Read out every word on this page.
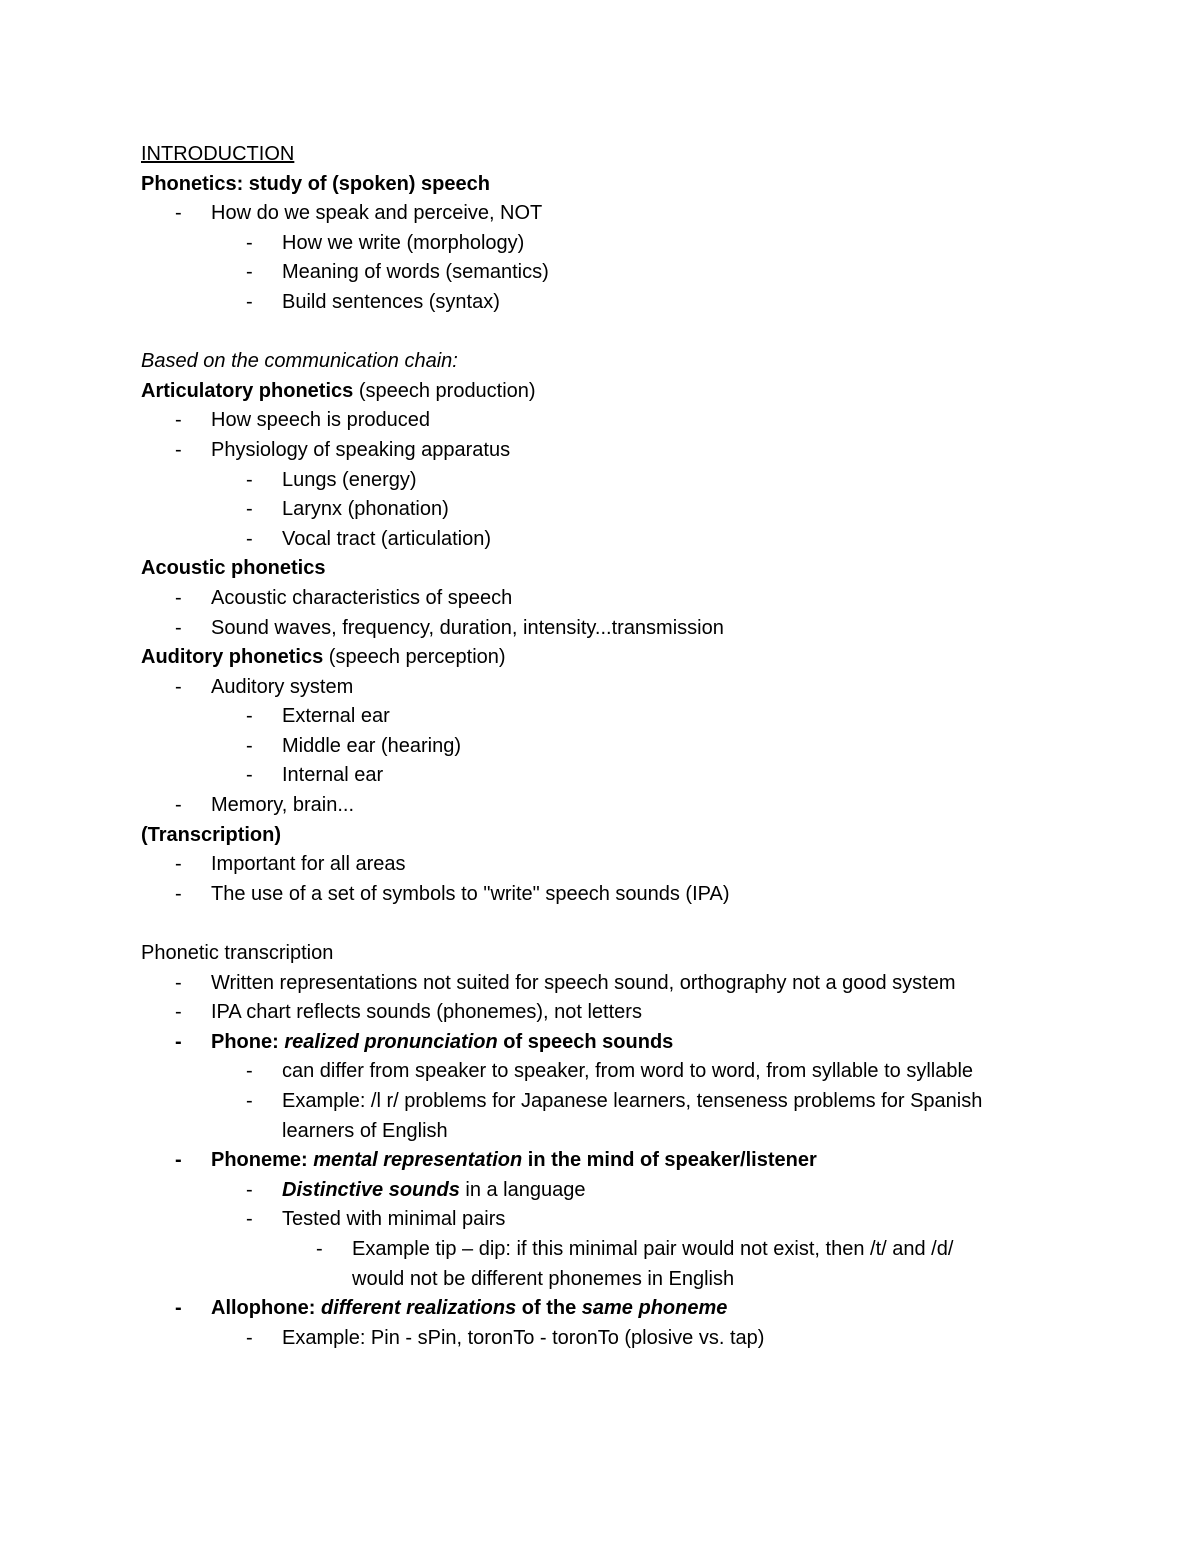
INTRODUCTION
Phonetics: study of (spoken) speech
- How do we speak and perceive, NOT
- How we write (morphology)
- Meaning of words (semantics)
- Build sentences (syntax)
Based on the communication chain:
Articulatory phonetics (speech production)
- How speech is produced
- Physiology of speaking apparatus
- Lungs (energy)
- Larynx (phonation)
- Vocal tract (articulation)
Acoustic phonetics
- Acoustic characteristics of speech
- Sound waves, frequency, duration, intensity...transmission
Auditory phonetics (speech perception)
- Auditory system
- External ear
- Middle ear (hearing)
- Internal ear
- Memory, brain...
(Transcription)
- Important for all areas
- The use of a set of symbols to "write" speech sounds (IPA)
Phonetic transcription
- Written representations not suited for speech sound, orthography not a good system
- IPA chart reflects sounds (phonemes), not letters
- Phone: realized pronunciation of speech sounds
- can differ from speaker to speaker, from word to word, from syllable to syllable
- Example: /l r/ problems for Japanese learners, tenseness problems for Spanish
learners of English
- Phoneme: mental representation in the mind of speaker/listener
- Distinctive sounds in a language
- Tested with minimal pairs
- Example tip – dip: if this minimal pair would not exist, then /t/ and /d/
would not be different phonemes in English
- Allophone: different realizations of the same phoneme
- Example: Pin - sPin, toronTo - toronTo (plosive vs. tap)
